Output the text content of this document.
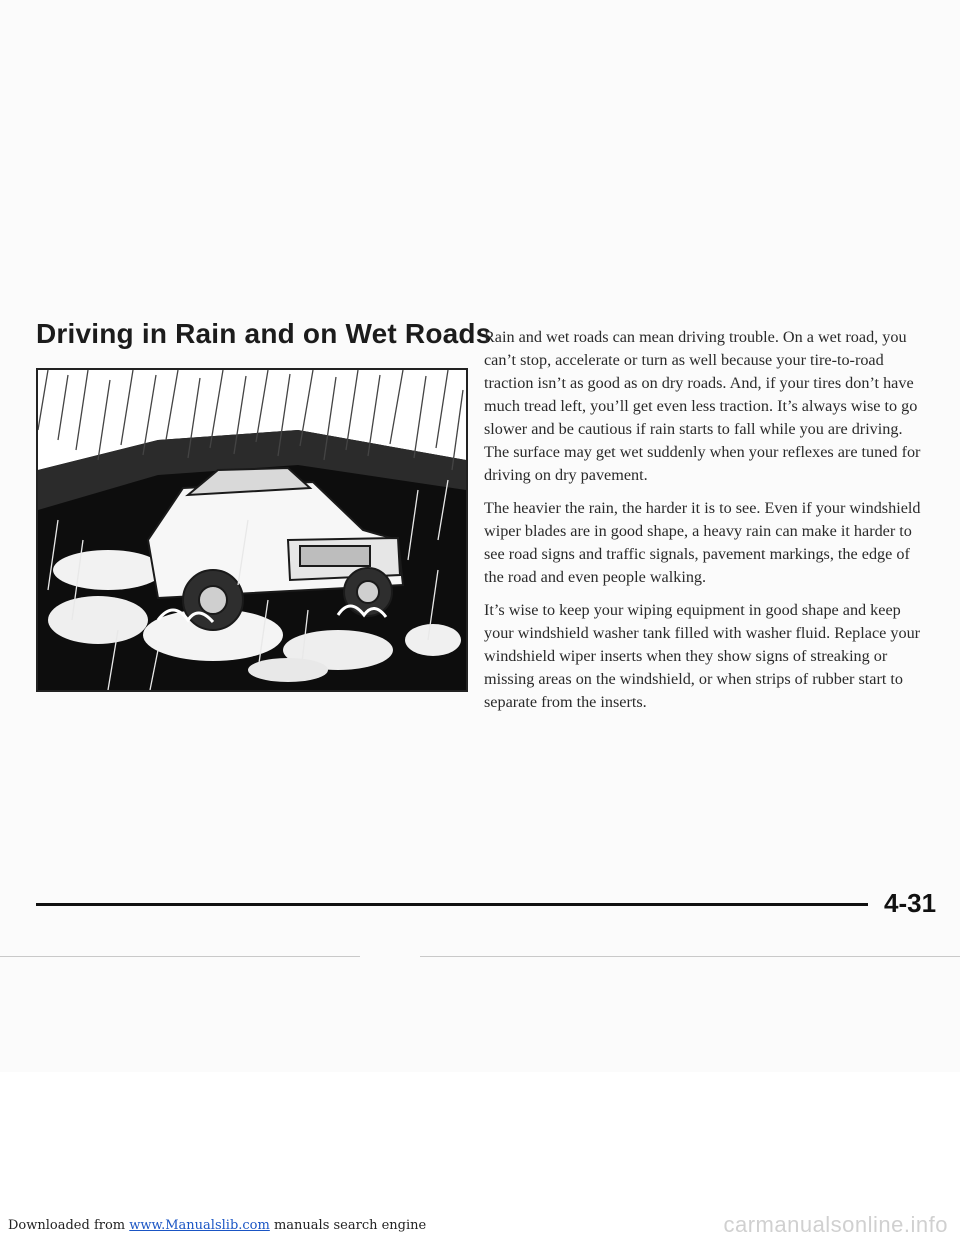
Driving in Rain and on Wet Roads

Rain and wet roads can mean driving trouble. On a wet road, you can’t stop, accelerate or turn as well because your tire-to-road traction isn’t as good as on dry roads. And, if your tires don’t have much tread left, you’ll get even less traction. It’s always wise to go slower and be cautious if rain starts to fall while you are driving. The surface may get wet suddenly when your reflexes are tuned for driving on dry pavement.

The heavier the rain, the harder it is to see. Even if your windshield wiper blades are in good shape, a heavy rain can make it harder to see road signs and traffic signals, pavement markings, the edge of the road and even people walking.

It’s wise to keep your wiping equipment in good shape and keep your windshield washer tank filled with washer fluid. Replace your windshield wiper inserts when they show signs of streaking or missing areas on the windshield, or when strips of rubber start to separate from the inserts.

4-31
Downloaded from www.Manualslib.com manuals search engine	carmanualsonline.info
